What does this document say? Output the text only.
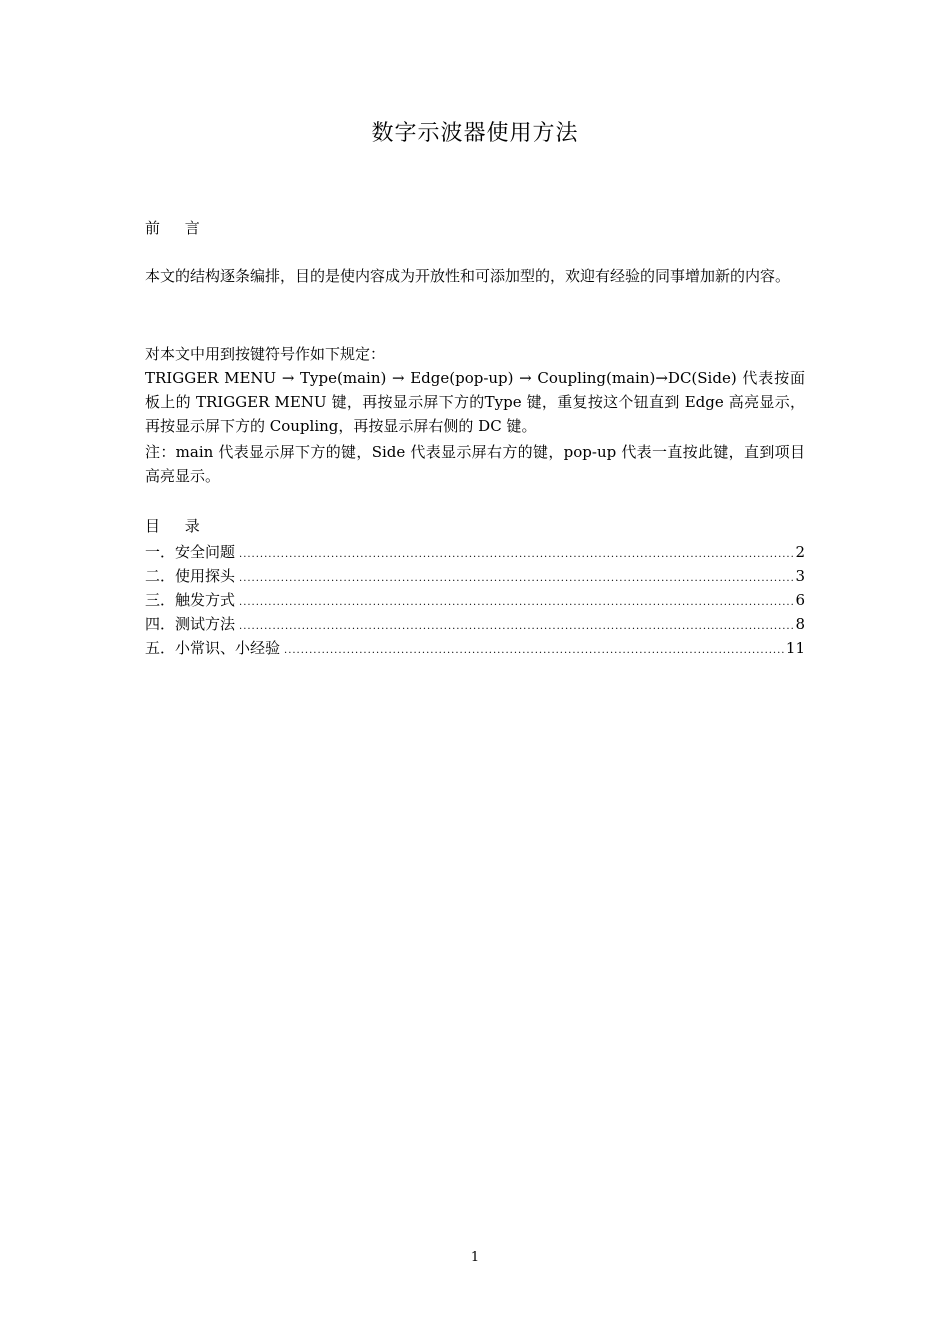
数字示波器使用方法
前 言
本文的结构逐条编排，目的是使内容成为开放性和可添加型的，欢迎有经验的同事增加新的内容。
对本文中用到按键符号作如下规定：
TRIGGER MENU → Type(main) → Edge(pop-up) → Coupling(main)→DC(Side) 代表按面板上的 TRIGGER MENU 键，再按显示屏下方的Type 键，重复按这个钮直到 Edge 高亮显示，再按显示屏下方的 Coupling，再按显示屏右侧的 DC 键。
注：main 代表显示屏下方的键，Side 代表显示屏右方的键，pop-up 代表一直按此键，直到项目高亮显示。
目 录
一．安全问题 .....	2
二．使用探头 .....	3
三．触发方式 .....	6
四．测试方法 .....	8
五．小常识、小经验 .....	11
1
